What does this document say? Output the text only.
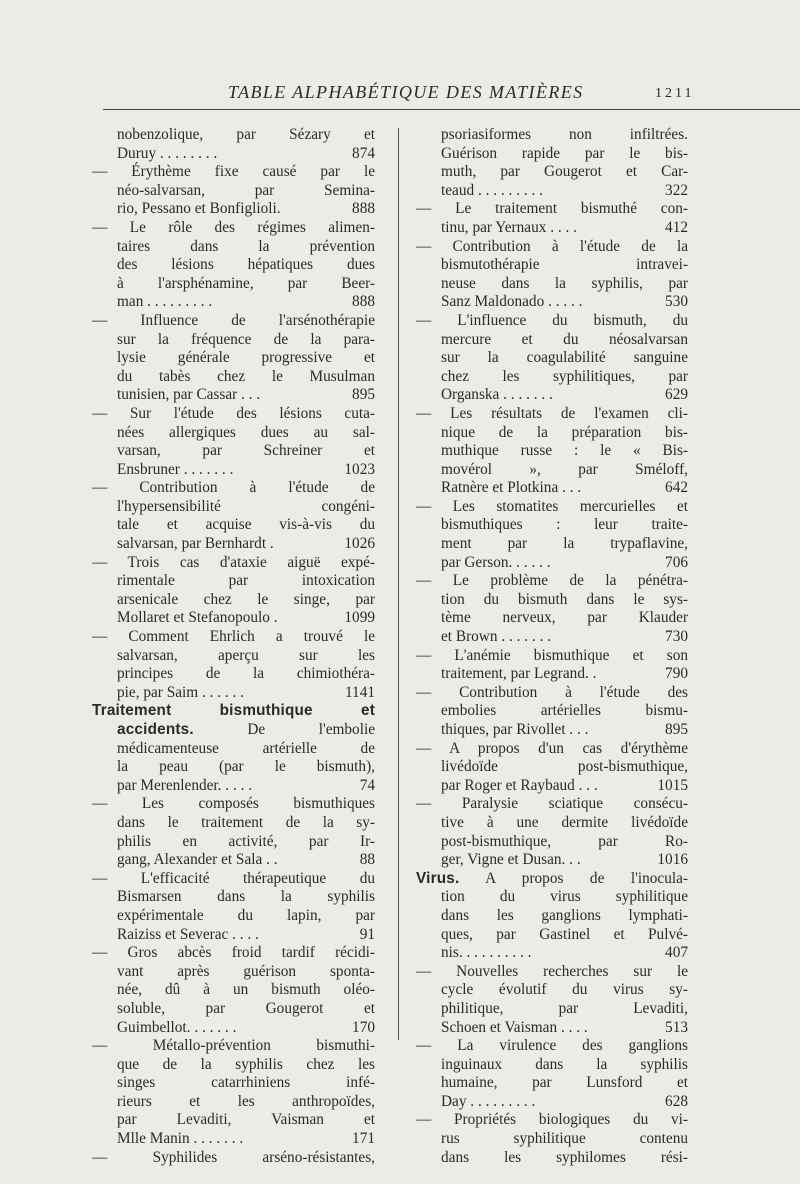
TABLE ALPHABÉTIQUE DES MATIÈRES	1211
nobenzolique, par Sézary et
Duruy . . . . . . . .	874
— Érythème fixe causé par le
néo-salvarsan, par Semina-
rio, Pessano et Bonfiglioli.	888
— Le rôle des régimes alimen-
taires dans la prévention
des lésions hépatiques dues
à l'arsphénamine, par Beer-
man . . . . . . . . .	888
— Influence de l'arsénothérapie
sur la fréquence de la para-
lysie générale progressive et
du tabès chez le Musulman
tunisien, par Cassar . . .	895
— Sur l'étude des lésions cuta-
nées allergiques dues au sal-
varsan, par Schreiner et
Ensbruner . . . . . . .	1023
— Contribution à l'étude de
l'hypersensibilité congéni-
tale et acquise vis-à-vis du
salvarsan, par Bernhardt .	1026
— Trois cas d'ataxie aiguë expé-
rimentale par intoxication
arsenicale chez le singe, par
Mollaret et Stefanopoulo .	1099
— Comment Ehrlich a trouvé le
salvarsan, aperçu sur les
principes de la chimiothéra-
pie, par Saim . . . . . .	1141
Traitement bismuthique et
accidents. De l'embolie
médicamenteuse artérielle de
la peau (par le bismuth),
par Merenlender. . . . .	74
— Les composés bismuthiques
dans le traitement de la sy-
philis en activité, par Ir-
gang, Alexander et Sala . .	88
— L'efficacité thérapeutique du
Bismarsen dans la syphilis
expérimentale du lapin, par
Raiziss et Severac . . . .	91
— Gros abcès froid tardif récidi-
vant après guérison sponta-
née, dû à un bismuth oléo-
soluble, par Gougerot et
Guimbellot. . . . . . .	170
— Métallo-prévention bismuthi-
que de la syphilis chez les
singes catarrhiniens infé-
rieurs et les anthropoïdes,
par Levaditi, Vaisman et
Mlle Manin . . . . . . .	171
— Syphilides arséno-résistantes,
psoriasiformes non infiltrées.
Guérison rapide par le bis-
muth, par Gougerot et Car-
teaud . . . . . . . . .	322
— Le traitement bismuthé con-
tinu, par Yernaux . . . .	412
— Contribution à l'étude de la
bismutothérapie intravei-
neuse dans la syphilis, par
Sanz Maldonado . . . . .	530
— L'influence du bismuth, du
mercure et du néosalvarsan
sur la coagulabilité sanguine
chez les syphilitiques, par
Organska . . . . . . .	629
— Les résultats de l'examen cli-
nique de la préparation bis-
muthique russe : le « Bis-
movérol », par Sméloff,
Ratnère et Plotkina . . .	642
— Les stomatites mercurielles et
bismuthiques : leur traite-
ment par la trypaflavine,
par Gerson. . . . . .	706
— Le problème de la pénétra-
tion du bismuth dans le sys-
tème nerveux, par Klauder
et Brown . . . . . . .	730
— L'anémie bismuthique et son
traitement, par Legrand. .	790
— Contribution à l'étude des
embolies artérielles bismu-
thiques, par Rivollet . . .	895
— A propos d'un cas d'érythème
livédoïde post-bismuthique,
par Roger et Raybaud . . .	1015
— Paralysie sciatique consécu-
tive à une dermite livédoïde
post-bismuthique, par Ro-
ger, Vigne et Dusan. . .	1016
Virus. A propos de l'inocula-
tion du virus syphilitique
dans les ganglions lymphati-
ques, par Gastinel et Pulvé-
nis. . . . . . . . . .	407
— Nouvelles recherches sur le
cycle évolutif du virus sy-
philitique, par Levaditi,
Schoen et Vaisman . . . .	513
— La virulence des ganglions
inguinaux dans la syphilis
humaine, par Lunsford et
Day . . . . . . . . .	628
— Propriétés biologiques du vi-
rus syphilitique contenu
dans les syphilomes rési-
